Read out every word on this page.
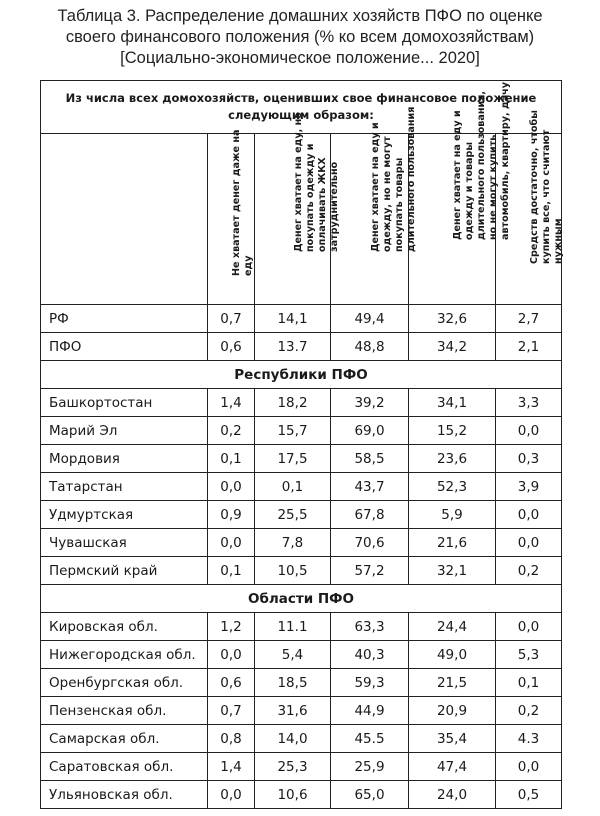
Таблица 3. Распределение домашних хозяйств ПФО по оценке
своего финансового положения (% ко всем домохозяйствам)
[Социально-экономическое положение... 2020]
Из числа всех домохозяйств, оценивших свое финансовое положение следующим образом:					

	Не хватает денег даже на еду	Денег хватает на еду, но покупать одежду и оплачивать ЖКХ затруднительно	Денег хватает на еду и одежду, но не могут покупать товары длительного пользования	Денег хватает на еду и одежду и товары длительного пользования, но не могут купить автомобиль, квартиру, дачу	Средств достаточно, чтобы купить все, что считают нужным

РФ	0,7	14,1	49,4	32,6	2,7
ПФО	0,6	13.7	48,8	34,2	2,1
Республики ПФО					
Башкортостан	1,4	18,2	39,2	34,1	3,3
Марий Эл	0,2	15,7	69,0	15,2	0,0
Мордовия	0,1	17,5	58,5	23,6	0,3
Татарстан	0,0	0,1	43,7	52,3	3,9
Удмуртская	0,9	25,5	67,8	5,9	0,0
Чувашская	0,0	7,8	70,6	21,6	0,0
Пермский край	0,1	10,5	57,2	32,1	0,2
Области ПФО					
Кировская обл.	1,2	11.1	63,3	24,4	0,0
Нижегородская обл.	0,0	5,4	40,3	49,0	5,3
Оренбургская обл.	0,6	18,5	59,3	21,5	0,1
Пензенская обл.	0,7	31,6	44,9	20,9	0,2
Самарская обл.	0,8	14,0	45.5	35,4	4.3
Саратовская обл.	1,4	25,3	25,9	47,4	0,0
Ульяновская обл.	0,0	10,6	65,0	24,0	0,5
